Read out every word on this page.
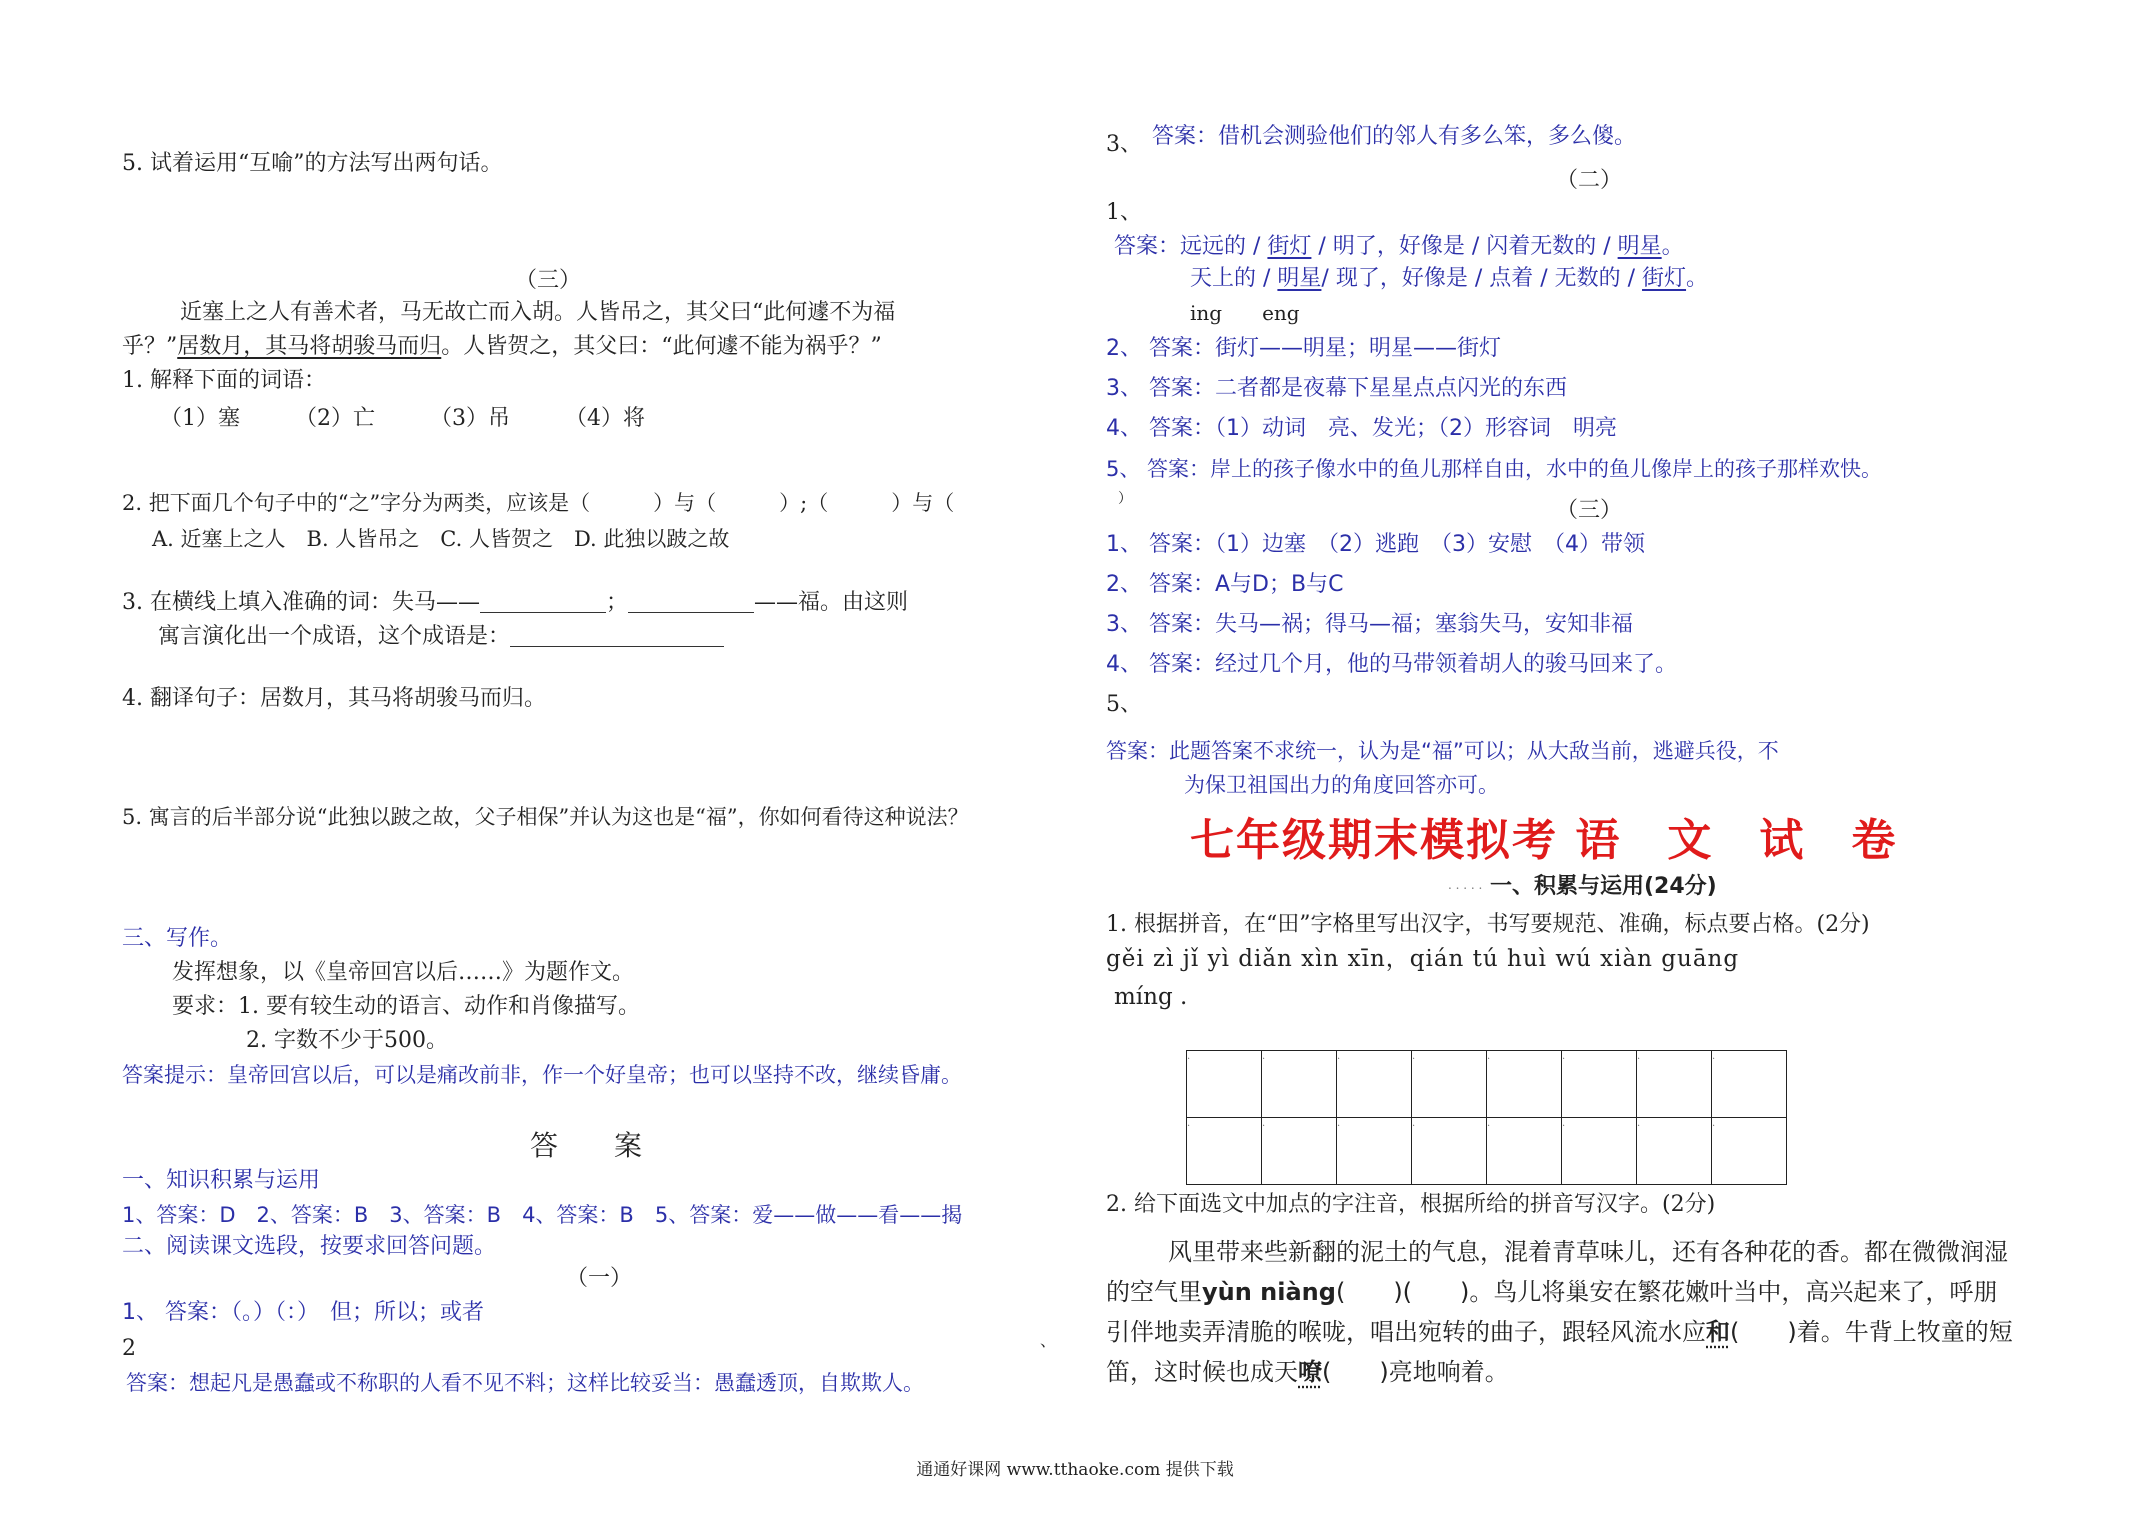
5. 试着运用“互喻”的方法写出两句话。
（三）
近塞上之人有善术者，马无故亡而入胡。人皆吊之，其父曰“此何遽不为福
乎？”居数月，其马将胡骏马而归。人皆贺之，其父曰：“此何遽不能为祸乎？”
1. 解释下面的词语：
（1）塞　　　（2）亡　　　（3）吊　　　（4）将
2. 把下面几个句子中的“之”字分为两类，应该是（　　　）与（　　　）;（　　　）与（	）
A. 近塞上之人　B. 人皆吊之　C. 人皆贺之　D. 此独以跛之故
3. 在横线上填入准确的词：失马——	；	——福。由这则
寓言演化出一个成语，这个成语是：
4. 翻译句子：居数月，其马将胡骏马而归。
5. 寓言的后半部分说“此独以跛之故，父子相保”并认为这也是“福”，你如何看待这种说法？
三、写作。
发挥想象，以《皇帝回宫以后……》为题作文。
要求：1. 要有较生动的语言、动作和肖像描写。
2. 字数不少于500。
答案提示：皇帝回宫以后，可以是痛改前非，作一个好皇帝；也可以坚持不改，继续昏庸。
答　　案
一、知识积累与运用
1、答案：D　2、答案：B　3、答案：B　4、答案：B　5、答案：爱——做——看——揭
二、阅读课文选段，按要求回答问题。
（一）
1、 答案：（。）（：）　但；所以；或者
2	、
答案：想起凡是愚蠢或不称职的人看不见不料；这样比较妥当：愚蠢透顶，自欺欺人。
3、 答案：借机会测验他们的邻人有多么笨，多么傻。
（二）
1、
答案：远远的 / 街灯 / 明了，好像是 / 闪着无数的 / 明星。
天上的 / 明星/ 现了，好像是 / 点着 / 无数的 / 街灯。
ing　　eng
2、 答案：街灯——明星；明星——街灯
3、 答案：二者都是夜幕下星星点点闪光的东西
4、 答案：（1）动词　亮、发光；（2）形容词　明亮
5、 答案：岸上的孩子像水中的鱼儿那样自由，水中的鱼儿像岸上的孩子那样欢快。
（三）
1、 答案：（1）边塞　（2）逃跑　（3）安慰　（4）带领
2、 答案：A与D；B与C
3、 答案：失马—祸；得马—福；塞翁失马，安知非福
4、 答案：经过几个月，他的马带领着胡人的骏马回来了。
5、
答案：此题答案不求统一，认为是“福”可以；从大敌当前，逃避兵役，不
为保卫祖国出力的角度回答亦可。
七年级期末模拟考 语　文　试　卷
. . . . . 一、积累与运用(24分)
1. 根据拼音，在“田”字格里写出汉字，书写要规范、准确，标点要占格。(2分)
gěi zì jǐ yì diǎn xìn xīn，qián tú huì wú xiàn guāng
míng .
.	.	.	.	.	.	.	.
.	.	.	.	.	.	.	.
2. 给下面选文中加点的字注音，根据所给的拼音写汉字。(2分)
风里带来些新翻的泥土的气息，混着青草味儿，还有各种花的香。都在微微润湿
的空气里yùn niàng(　　)(　　)。鸟儿将巢安在繁花嫩叶当中，高兴起来了，呼朋
引伴地卖弄清脆的喉咙，唱出宛转的曲子，跟轻风流水应和(　　)着。牛背上牧童的短
笛，这时候也成天嘹(　　)亮地响着。
通通好课网 www.tthaoke.com 提供下载
